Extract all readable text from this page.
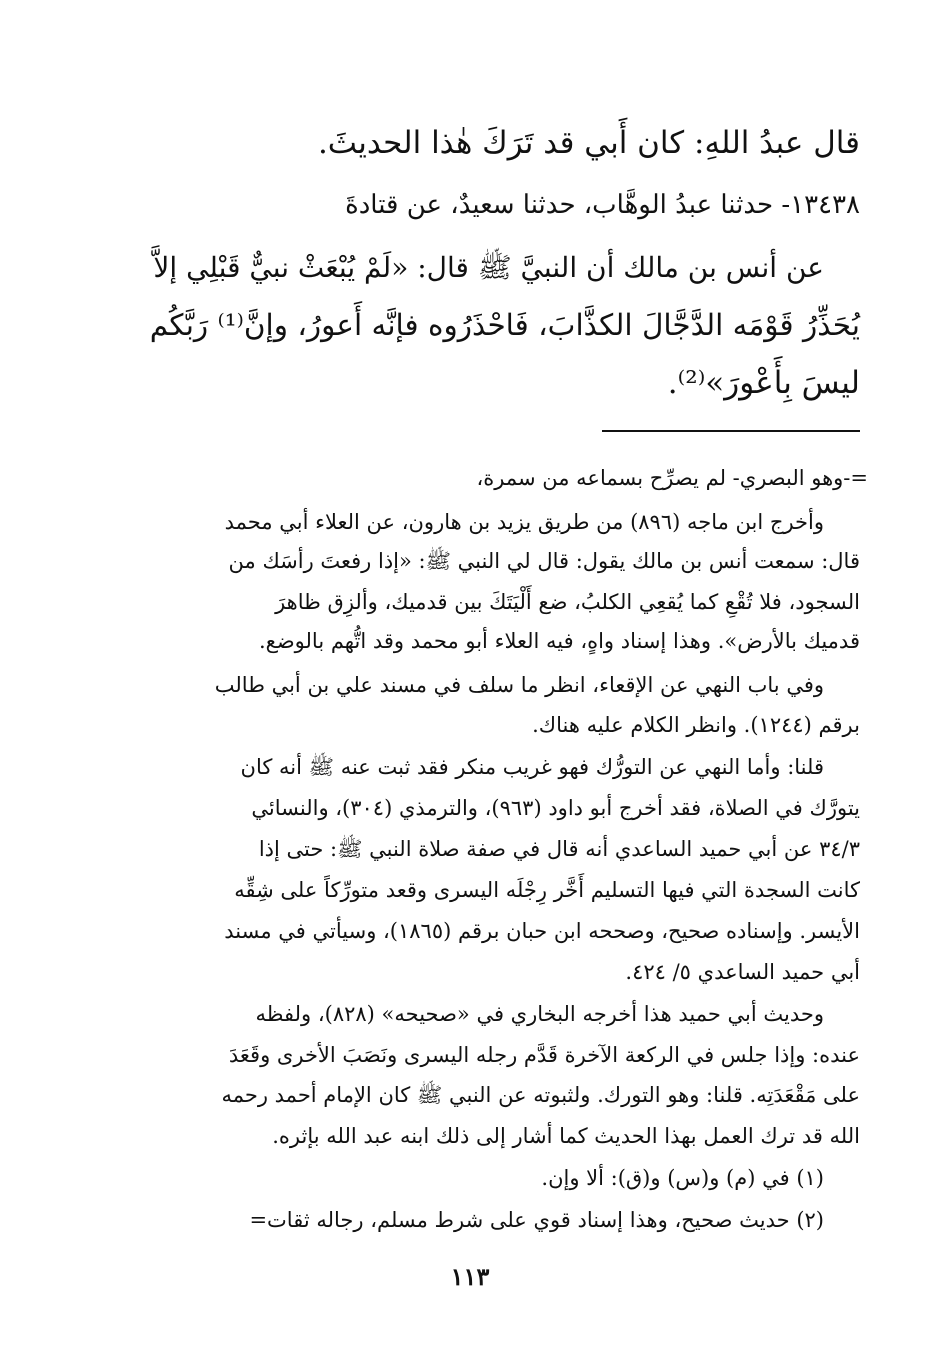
قال عبدُ اللهِ: كان أَبي قد تَرَكَ هٰذا الحديثَ.
١٣٤٣٨- حدثنا عبدُ الوهَّاب، حدثنا سعيدٌ، عن قتادةَ
عن أنس بن مالك أن النبيَّ ﷺ قال: «لَمْ يُبْعَثْ نبيٌّ قَبْلِي إلاَّ
يُحَذِّرُ قَوْمَه الدَّجَّالَ الكذَّابَ، فَاحْذَرُوه فإنَّه أَعورُ، وإنَّ⁽¹⁾ رَبَّكُم
ليسَ بِأَعْورَ»⁽²⁾.
=-وهو البصري- لم يصرِّح بسماعه من سمرة،
وأخرج ابن ماجه (٨٩٦) من طريق يزيد بن هارون، عن العلاء أبي محمد
قال: سمعت أنس بن مالك يقول: قال لي النبي ﷺ: «إذا رفعتَ رأسَك من
السجود، فلا تُقْعِ كما يُقعِي الكلبُ، ضع أَلْيَتَكَ بين قدميك، وألزِق ظاهرَ
قدميك بالأرض». وهذا إسناد واهٍ، فيه العلاء أبو محمد وقد اتُّهم بالوضع.
وفي باب النهي عن الإقعاء، انظر ما سلف في مسند علي بن أبي طالب
برقم (١٢٤٤). وانظر الكلام عليه هناك.
قلنا: وأما النهي عن التورُّك فهو غريب منكر فقد ثبت عنه ﷺ أنه كان
يتورَّك في الصلاة، فقد أخرج أبو داود (٩٦٣)، والترمذي (٣٠٤)، والنسائي
٣٤/٣ عن أبي حميد الساعدي أنه قال في صفة صلاة النبي ﷺ: حتى إذا
كانت السجدة التي فيها التسليم أَخَّر رِجْلَه اليسرى وقعد متورِّكاً على شِقِّه
الأيسر. وإسناده صحيح، وصححه ابن حبان برقم (١٨٦٥)، وسيأتي في مسند
أبي حميد الساعدي ٥/ ٤٢٤.
وحديث أبي حميد هذا أخرجه البخاري في «صحيحه» (٨٢٨)، ولفظه
عنده: وإذا جلس في الركعة الآخرة قَدَّم رجله اليسرى ونَصَبَ الأخرى وقَعَدَ
على مَقْعَدَتِه. قلنا: وهو التورك. ولثبوته عن النبي ﷺ كان الإمام أحمد رحمه
الله قد ترك العمل بهذا الحديث كما أشار إلى ذلك ابنه عبد الله بإثره.
(١) في (م) و(س) و(ق): ألا وإن.
(٢) حديث صحيح، وهذا إسناد قوي على شرط مسلم، رجاله ثقات=
١١٣
